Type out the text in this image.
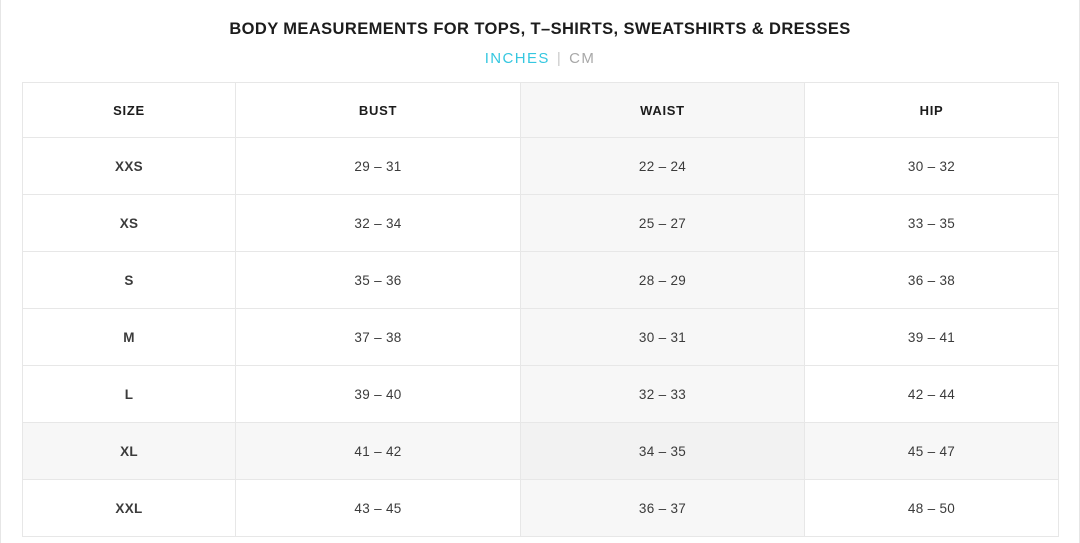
BODY MEASUREMENTS FOR TOPS, T–SHIRTS, SWEATSHIRTS & DRESSES
INCHES | CM
SIZE	BUST	WAIST	HIP
XXS	29 – 31	22 – 24	30 – 32
XS	32 – 34	25 – 27	33 – 35
S	35 – 36	28 – 29	36 – 38
M	37 – 38	30 – 31	39 – 41
L	39 – 40	32 – 33	42 – 44
XL	41 – 42	34 – 35	45 – 47
XXL	43 – 45	36 – 37	48 – 50
